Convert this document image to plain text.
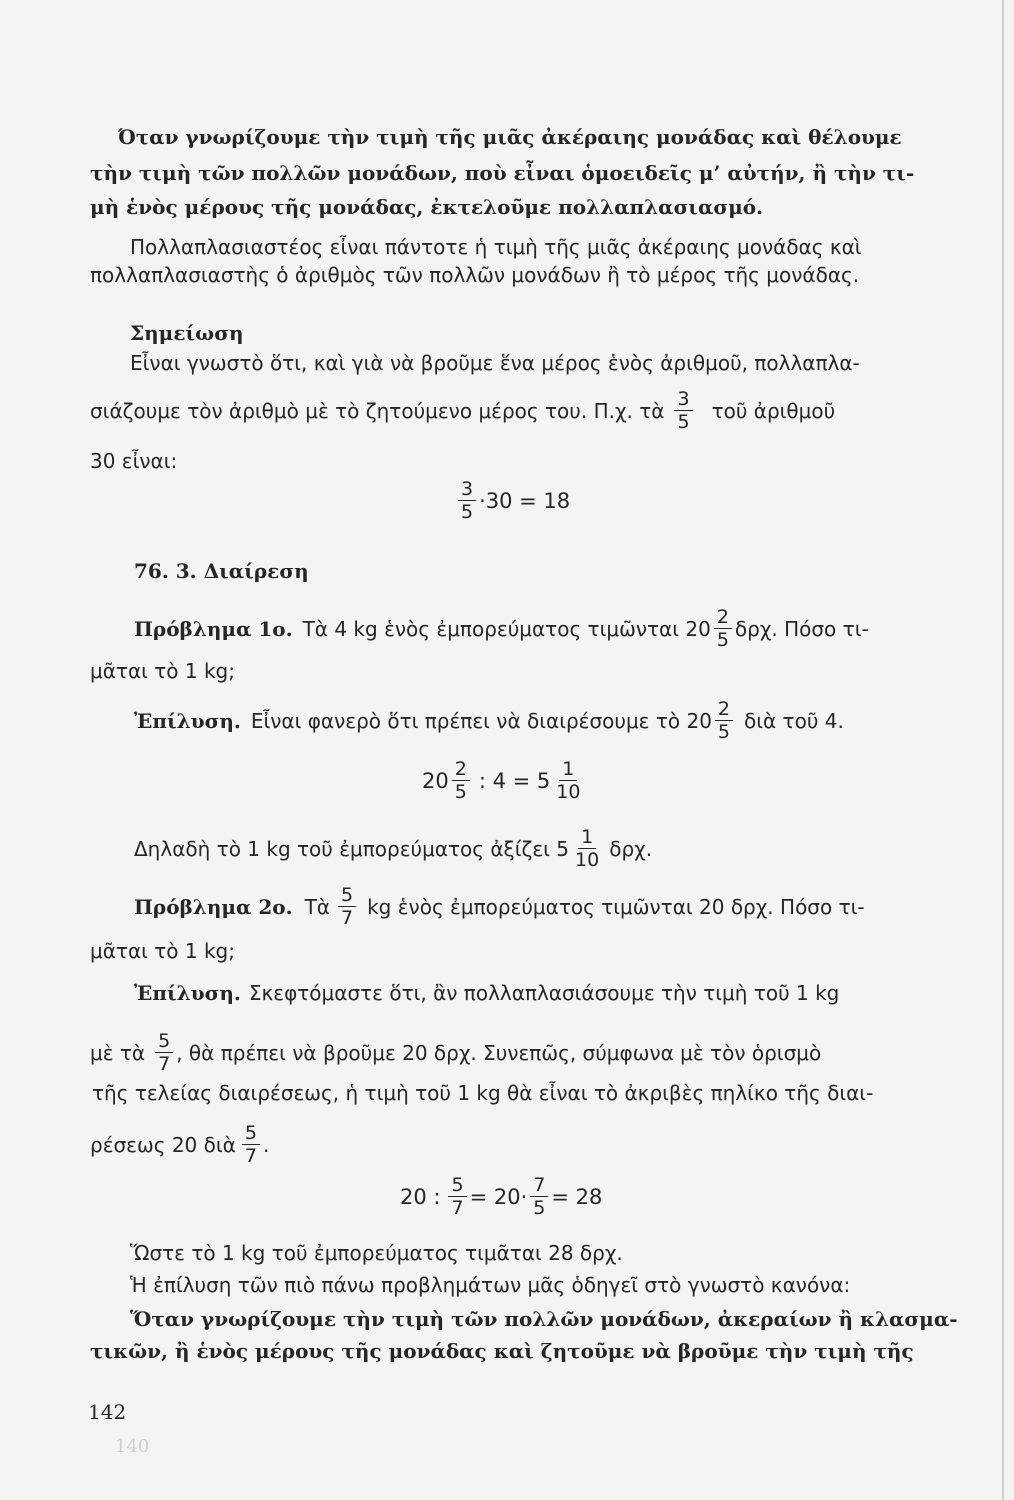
Όταν γνωρίζουμε τὴν τιμὴ τῆς μιᾶς ἀκέραιης μονάδας καὶ θέλουμε
τὴν τιμὴ τῶν πολλῶν μονάδων, ποὺ εἶναι ὁμοειδεῖς μ’ αὐτήν, ἢ τὴν τι-
μὴ ἑνὸς μέρους τῆς μονάδας, ἐκτελοῦμε πολλαπλασιασμό.
Πολλαπλασιαστέος εἶναι πάντοτε ἡ τιμὴ τῆς μιᾶς ἀκέραιης μονάδας καὶ
πολλαπλασιαστὴς ὁ ἀριθμὸς τῶν πολλῶν μονάδων ἢ τὸ μέρος τῆς μονάδας.
Σημείωση
Εἶναι γνωστὸ ὅτι, καὶ γιὰ νὰ βροῦμε ἕνα μέρος ἑνὸς ἀριθμοῦ, πολλαπλα-
σιάζουμε τὸν ἀριθμὸ μὲ τὸ ζητούμενο μέρος του. Π.χ. τὰ $\frac{3}{5}$ τοῦ ἀριθμοῦ
30 εἶναι:
$\frac{3}{5} \cdot 30 = 18$
76. 3. Διαίρεση
Πρόβλημα 1ο. Τὰ 4 kg ἑνὸς ἐμπορεύματος τιμῶνται $20 \frac{2}{5} \delta\rho\chi$. Πόσο τι-
μᾶται τὸ 1 kg;
Ἐπίλυση. Εἶναι φανερὸ ὅτι πρέπει νὰ διαιρέσουμε τὸ $20 \frac{2}{5}$ διὰ τοῦ 4.
$20 \frac{2}{5}$ : $4 = 5 \frac{1}{10}$
Δηλαδὴ τὸ 1 kg τοῦ ἐμπορεύματος ἀξίζει $5 \frac{1}{10} \delta\rho\chi$.
Πρόβλημα 2ο. Τὰ $\frac{5}{7}$ kg ἑνὸς ἐμπορεύματος τιμῶνται 20 δρχ. Πόσο τι-
μᾶται τὸ 1 kg;
Ἐπίλυση. Σκεφτόμαστε ὅτι, ἂν πολλαπλασιάσουμε τὴν τιμὴ τοῦ 1 kg
μὲ τὰ $\frac{5}{7}$ , θὰ πρέπει νὰ βροῦμε 20 δρχ. Συνεπῶς, σύμφωνα μὲ τὸν ὁρισμὸ
τῆς τελείας διαιρέσεως, ἡ τιμὴ τοῦ 1 kg θὰ εἶναι τὸ ἀκριβὲς πηλίκο τῆς διαι-
ρέσεως 20 διὰ $\frac{5}{7}$ .
20 : $\frac{5}{7} = 20\cdot \frac{7}{5} = 28$
Ὥστε τὸ 1 kg τοῦ ἐμπορεύματος τιμᾶται 28 δρχ.
Ἡ ἐπίλυση τῶν πιὸ πάνω προβλημάτων μᾶς ὁδηγεῖ στὸ γνωστὸ κανόνα:
Ὅταν γνωρίζουμε τὴν τιμὴ τῶν πολλῶν μονάδων, ἀκεραίων ἢ κλασμα-
τικῶν, ἢ ἑνὸς μέρους τῆς μονάδας καὶ ζητοῦμε νὰ βροῦμε τὴν τιμὴ τῆς
142
140
